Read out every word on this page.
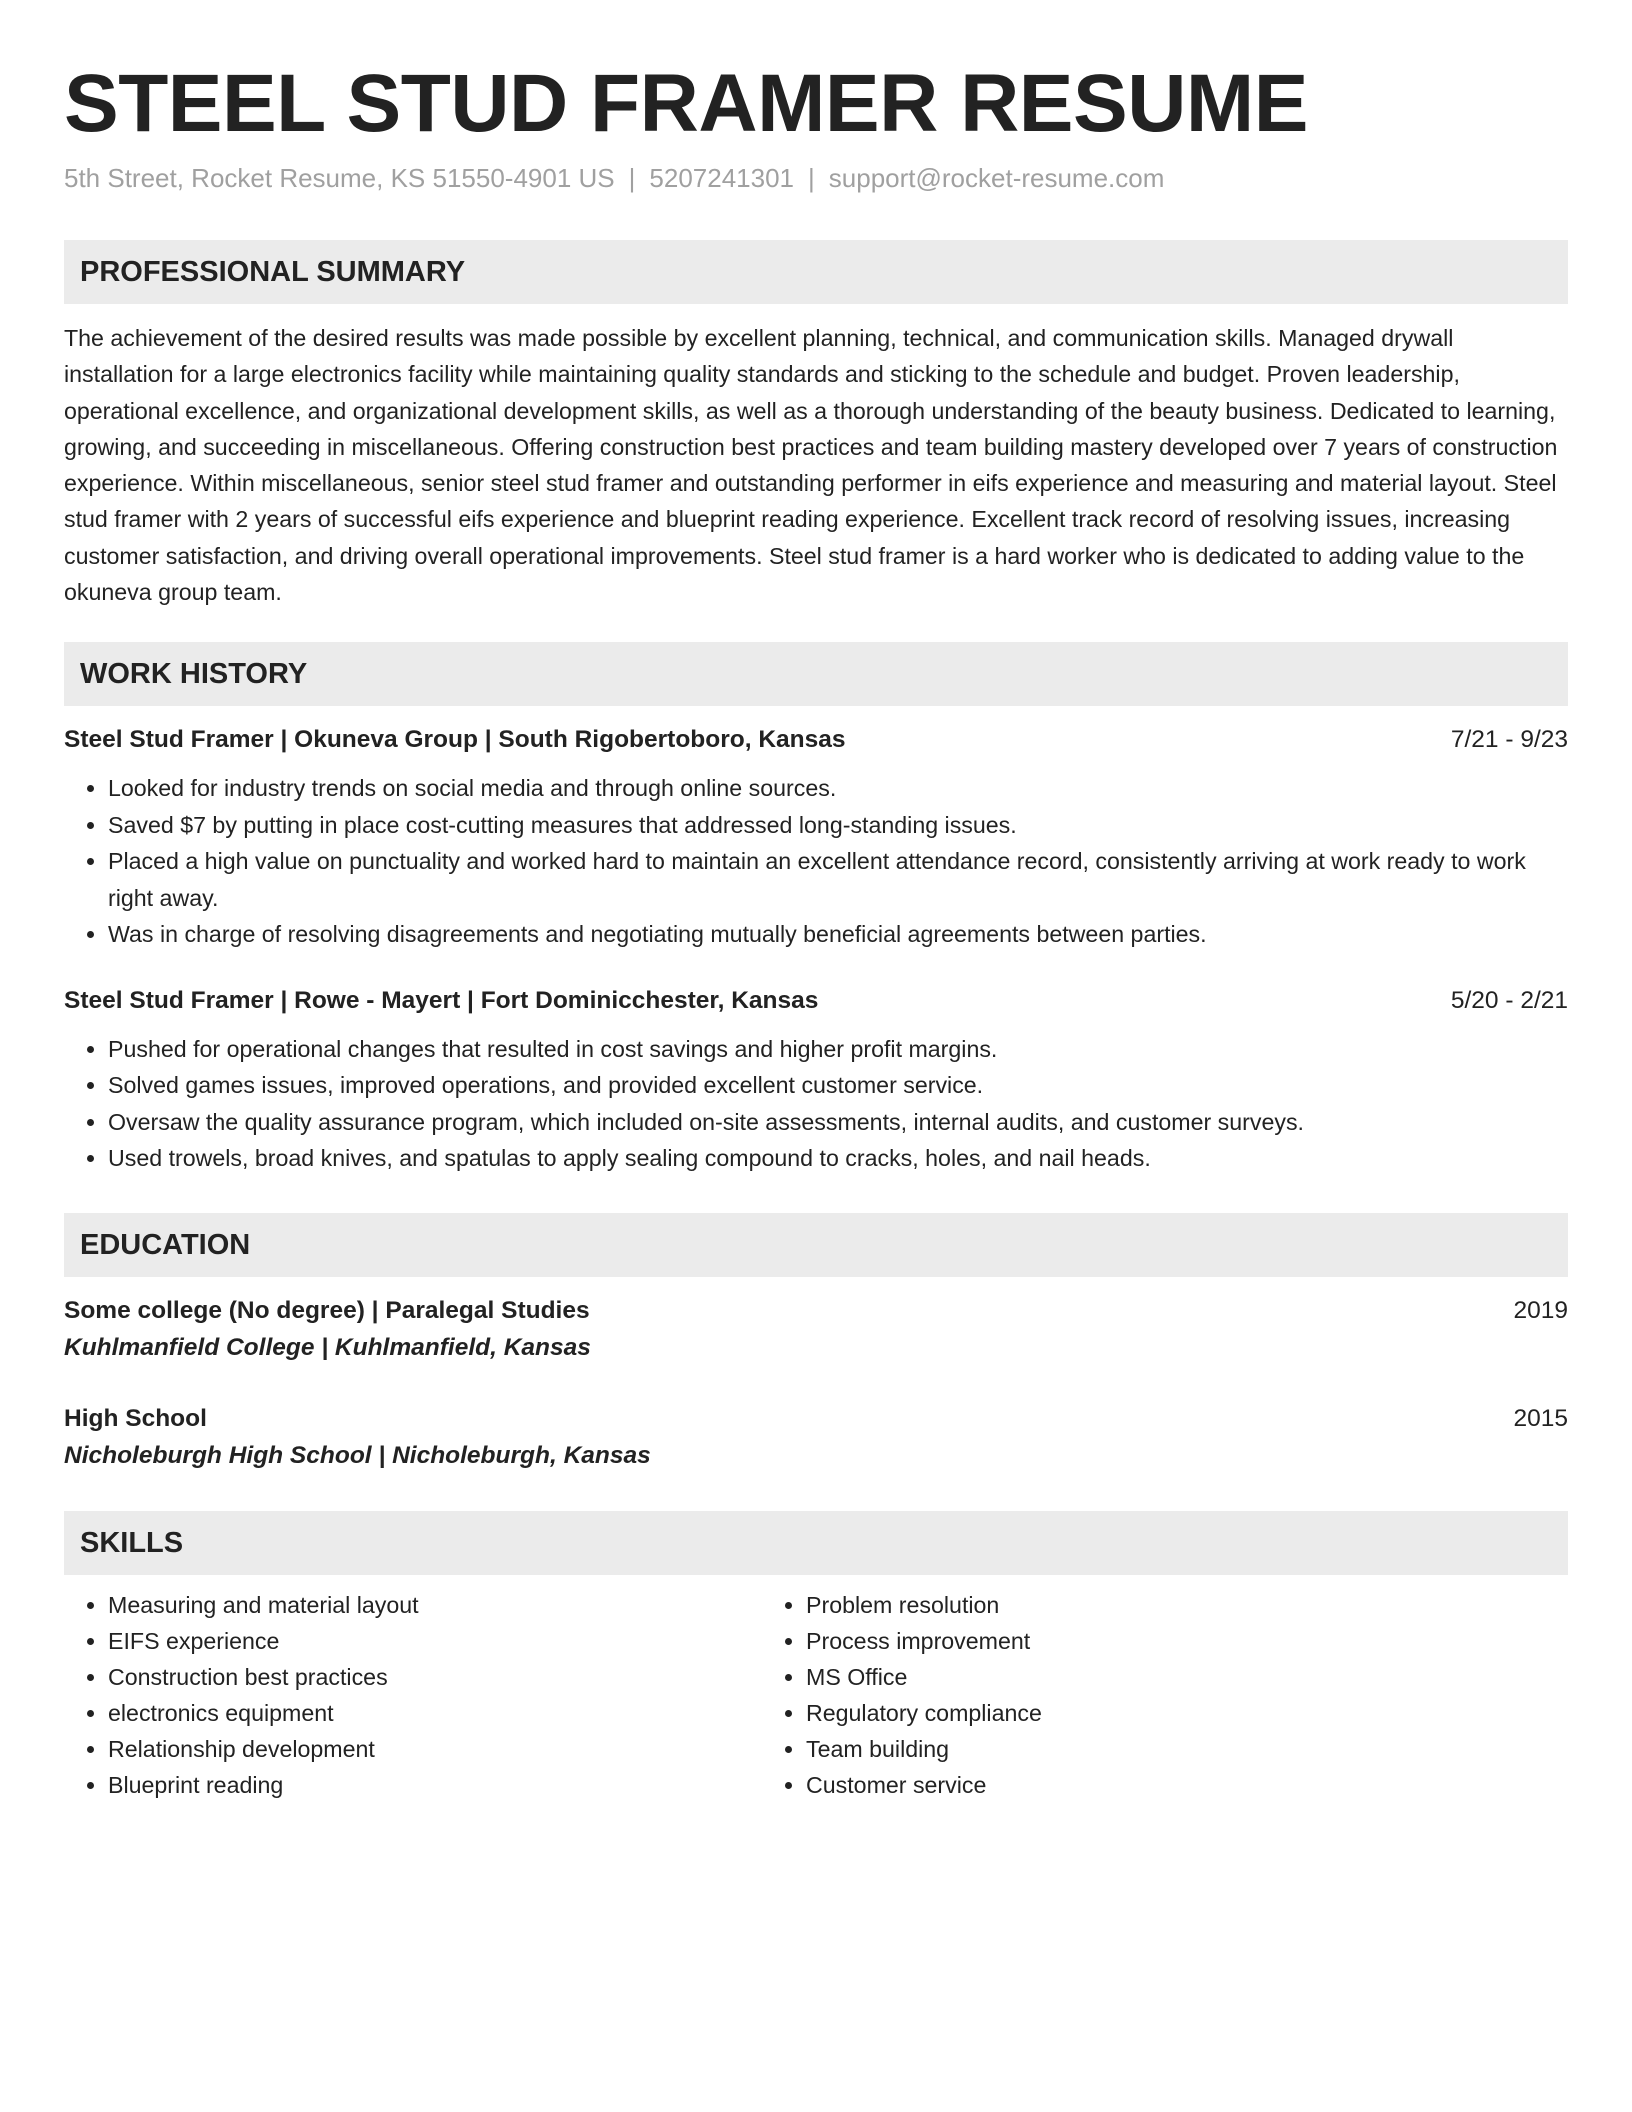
STEEL STUD FRAMER RESUME
5th Street, Rocket Resume, KS 51550-4901 US | 5207241301 | support@rocket-resume.com
PROFESSIONAL SUMMARY
The achievement of the desired results was made possible by excellent planning, technical, and communication skills. Managed drywall installation for a large electronics facility while maintaining quality standards and sticking to the schedule and budget. Proven leadership, operational excellence, and organizational development skills, as well as a thorough understanding of the beauty business. Dedicated to learning, growing, and succeeding in miscellaneous. Offering construction best practices and team building mastery developed over 7 years of construction experience. Within miscellaneous, senior steel stud framer and outstanding performer in eifs experience and measuring and material layout. Steel stud framer with 2 years of successful eifs experience and blueprint reading experience. Excellent track record of resolving issues, increasing customer satisfaction, and driving overall operational improvements. Steel stud framer is a hard worker who is dedicated to adding value to the okuneva group team.
WORK HISTORY
Steel Stud Framer | Okuneva Group | South Rigobertoboro, Kansas	7/21 - 9/23
• Looked for industry trends on social media and through online sources.
• Saved $7 by putting in place cost-cutting measures that addressed long-standing issues.
• Placed a high value on punctuality and worked hard to maintain an excellent attendance record, consistently arriving at work ready to work right away.
• Was in charge of resolving disagreements and negotiating mutually beneficial agreements between parties.
Steel Stud Framer | Rowe - Mayert | Fort Dominicchester, Kansas	5/20 - 2/21
• Pushed for operational changes that resulted in cost savings and higher profit margins.
• Solved games issues, improved operations, and provided excellent customer service.
• Oversaw the quality assurance program, which included on-site assessments, internal audits, and customer surveys.
• Used trowels, broad knives, and spatulas to apply sealing compound to cracks, holes, and nail heads.
EDUCATION
Some college (No degree) | Paralegal Studies	2019
Kuhlmanfield College | Kuhlmanfield, Kansas
High School	2015
Nicholeburgh High School | Nicholeburgh, Kansas
SKILLS
• Measuring and material layout
• EIFS experience
• Construction best practices
• electronics equipment
• Relationship development
• Blueprint reading
• Problem resolution
• Process improvement
• MS Office
• Regulatory compliance
• Team building
• Customer service
